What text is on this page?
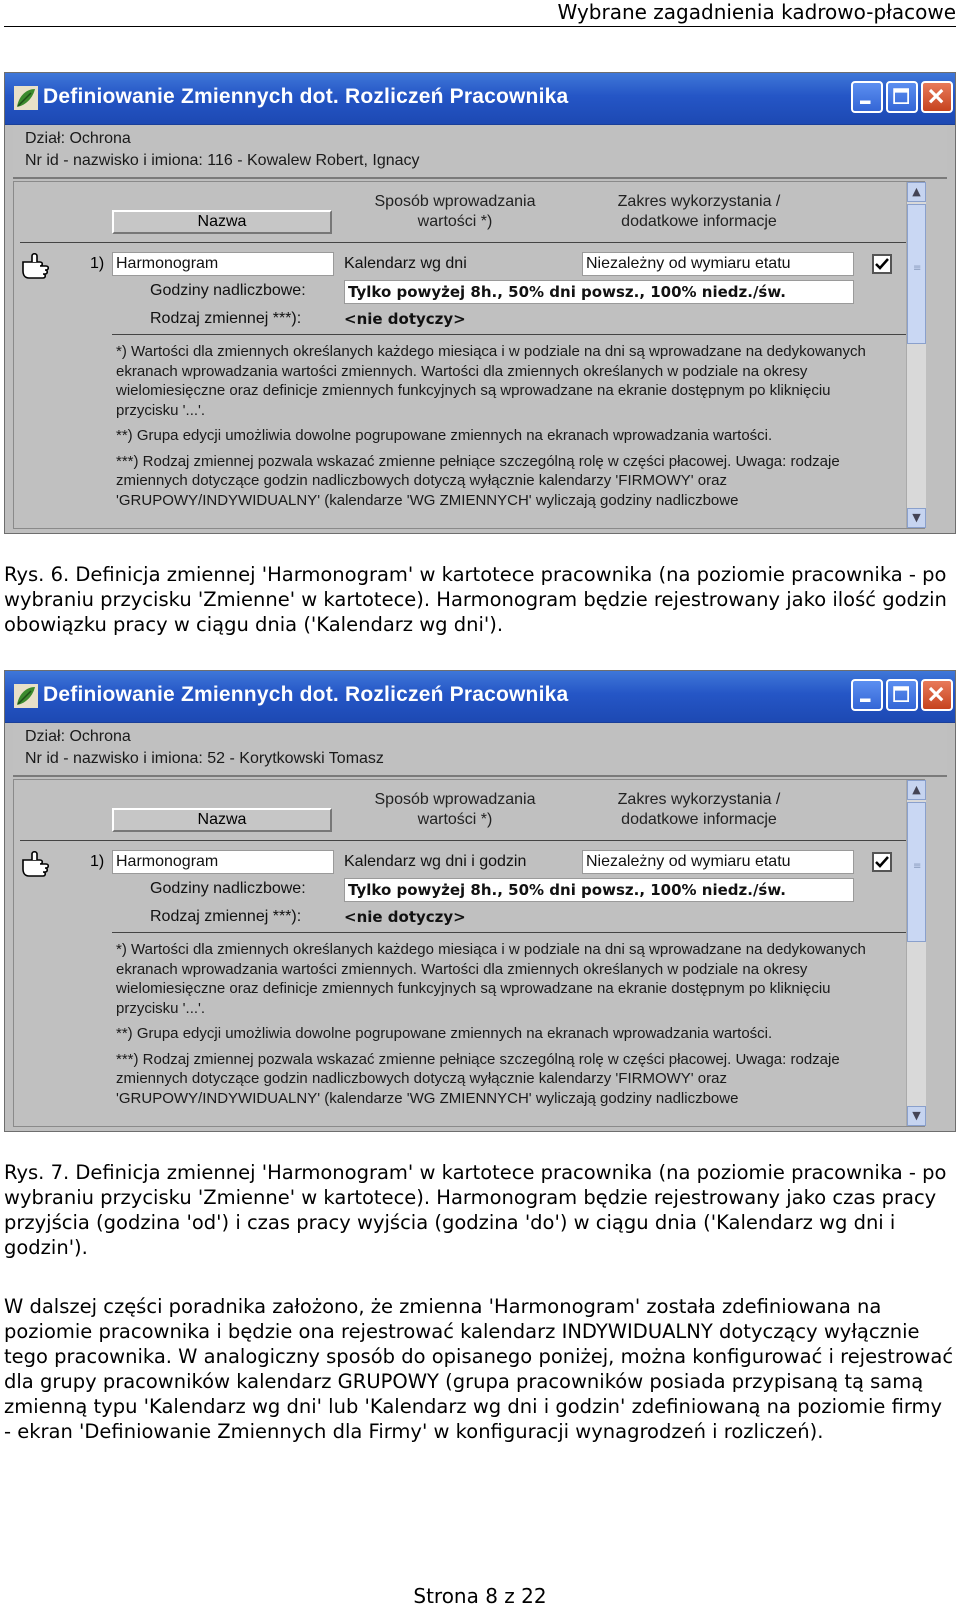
Wybrane zagadnienia kadrowo-płacowe
Definiowanie Zmiennych dot. Rozliczeń Pracownika
Dział: Ochrona
Nr id - nazwisko i imiona: 116 - Kowalew Robert, Ignacy
Nazwa
Sposób wprowadzania wartości *)
Zakres wykorzystania / dodatkowe informacje
1) Harmonogram	Kalendarz wg dni	Niezależny od wymiaru etatu
Godziny nadliczbowe:	Tylko powyżej 8h., 50% dni powsz., 100% niedz./św.
Rodzaj zmiennej ***):	<nie dotyczy>

*) Wartości dla zmiennych określanych każdego miesiąca i w podziale na dni są wprowadzane na dedykowanych ekranach wprowadzania wartości zmiennych. Wartości dla zmiennych określanych w podziale na okresy wielomiesięczne oraz definicje zmiennych funkcyjnych są wprowadzane na ekranie dostępnym po kliknięciu przycisku '...'.

**) Grupa edycji umożliwia dowolne pogrupowane zmiennych na ekranach wprowadzania wartości.

***) Rodzaj zmiennej pozwala wskazać zmienne pełniące szczególną rolę w części płacowej. Uwaga: rodzaje zmiennych dotyczące godzin nadliczbowych dotyczą wyłącznie kalendarzy 'FIRMOWY' oraz 'GRUPOWY/INDYWIDUALNY' (kalendarze 'WG ZMIENNYCH' wyliczają godziny nadliczbowe

▲
≡
▼
Rys. 6. Definicja zmiennej 'Harmonogram' w kartotece pracownika (na poziomie pracownika - po wybraniu przycisku 'Zmienne' w kartotece). Harmonogram będzie rejestrowany jako ilość godzin obowiązku pracy w ciągu dnia ('Kalendarz wg dni').
Definiowanie Zmiennych dot. Rozliczeń Pracownika
Dział: Ochrona
Nr id - nazwisko i imiona: 52 - Korytkowski Tomasz
Nazwa
Sposób wprowadzania wartości *)
Zakres wykorzystania / dodatkowe informacje
1) Harmonogram	Kalendarz wg dni i godzin	Niezależny od wymiaru etatu
Godziny nadliczbowe:	Tylko powyżej 8h., 50% dni powsz., 100% niedz./św.
Rodzaj zmiennej ***):	<nie dotyczy>

*) Wartości dla zmiennych określanych każdego miesiąca i w podziale na dni są wprowadzane na dedykowanych ekranach wprowadzania wartości zmiennych. Wartości dla zmiennych określanych w podziale na okresy wielomiesięczne oraz definicje zmiennych funkcyjnych są wprowadzane na ekranie dostępnym po kliknięciu przycisku '...'.

**) Grupa edycji umożliwia dowolne pogrupowane zmiennych na ekranach wprowadzania wartości.

***) Rodzaj zmiennej pozwala wskazać zmienne pełniące szczególną rolę w części płacowej. Uwaga: rodzaje zmiennych dotyczące godzin nadliczbowych dotyczą wyłącznie kalendarzy 'FIRMOWY' oraz 'GRUPOWY/INDYWIDUALNY' (kalendarze 'WG ZMIENNYCH' wyliczają godziny nadliczbowe

▲
≡
▼
Rys. 7. Definicja zmiennej 'Harmonogram' w kartotece pracownika (na poziomie pracownika - po wybraniu przycisku 'Zmienne' w kartotece). Harmonogram będzie rejestrowany jako czas pracy przyjścia (godzina 'od') i czas pracy wyjścia (godzina 'do') w ciągu dnia ('Kalendarz wg dni i godzin').
W dalszej części poradnika założono, że zmienna 'Harmonogram' została zdefiniowana na poziomie pracownika i będzie ona rejestrować kalendarz INDYWIDUALNY dotyczący wyłącznie tego pracownika. W analogiczny sposób do opisanego poniżej, można konfigurować i rejestrować dla grupy pracowników kalendarz GRUPOWY (grupa pracowników posiada przypisaną tą samą zmienną typu 'Kalendarz wg dni' lub 'Kalendarz wg dni i godzin' zdefiniowaną na poziomie firmy - ekran 'Definiowanie Zmiennych dla Firmy' w konfiguracji wynagrodzeń i rozliczeń).
Strona 8 z 22
